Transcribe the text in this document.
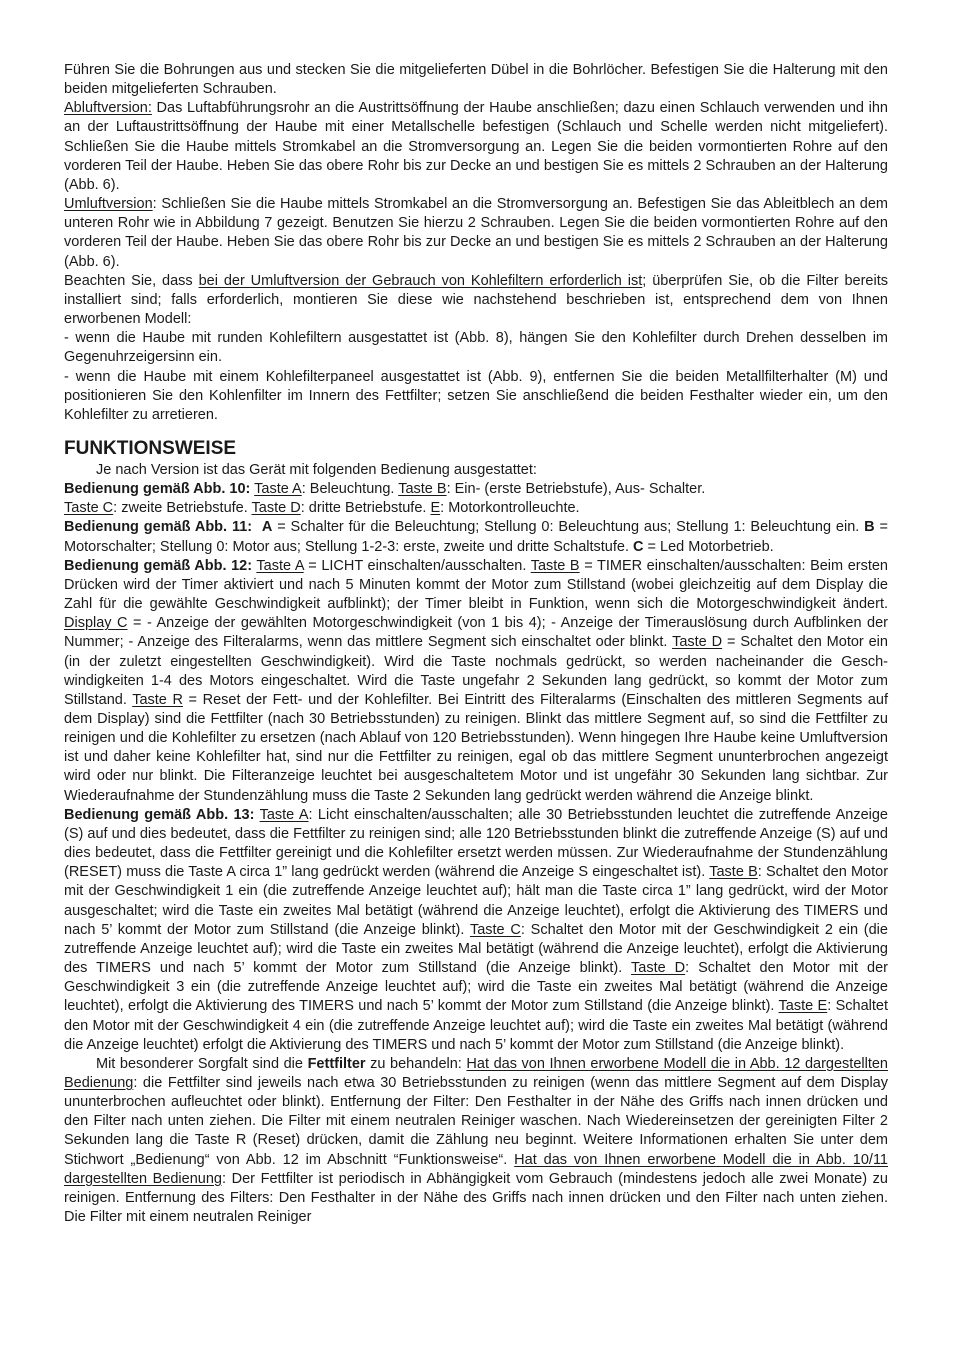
Führen Sie die Bohrungen aus und stecken Sie die mitgelieferten Dübel in die Bohrlöcher. Befestigen Sie die Halterung mit den beiden mitgelieferten Schrauben.

Abluftversion: Das Luftabführungsrohr an die Austrittsöffnung der Haube anschließen; dazu einen Schlauch verwenden und ihn an der Luftaustrittsöffnung der Haube mit einer Metallschelle befestigen (Schlauch und Schelle werden nicht mitgeliefert). Schließen Sie die Haube mittels Stromkabel an die Stromversorgung an. Legen Sie die beiden vormontierten Rohre auf den vorderen Teil der Haube. Heben Sie das obere Rohr bis zur Decke an und bestigen Sie es mittels 2 Schrauben an der Halterung (Abb. 6).

Umluftversion: Schließen Sie die Haube mittels Stromkabel an die Stromversorgung an. Befestigen Sie das Ableitblech an dem unteren Rohr wie in Abbildung 7 gezeigt. Benutzen Sie hierzu 2 Schrauben. Legen Sie die beiden vormontierten Rohre auf den vorderen Teil der Haube. Heben Sie das obere Rohr bis zur Decke an und bestigen Sie es mittels 2 Schrauben an der Halterung (Abb. 6).

Beachten Sie, dass bei der Umluftversion der Gebrauch von Kohlefiltern erforderlich ist; überprüfen Sie, ob die Filter bereits installiert sind; falls erforderlich, montieren Sie diese wie nachstehend beschrieben ist, entsprechend dem von Ihnen erworbenen Modell:

- wenn die Haube mit runden Kohlefiltern ausgestattet ist (Abb. 8), hängen Sie den Kohlefilter durch Drehen desselben im Gegenuhrzeigersinn ein.

- wenn die Haube mit einem Kohlefilterpaneel ausgestattet ist (Abb. 9), entfernen Sie die beiden Metallfilterhalter (M) und positionieren Sie den Kohlenfilter im Innern des Fettfilter; setzen Sie anschließend die beiden Festhalter wieder ein, um den Kohlefilter zu arretieren.

FUNKTIONSWEISE

Je nach Version ist das Gerät mit folgenden Bedienung ausgestattet:

Bedienung gemäß Abb. 10: Taste A: Beleuchtung. Taste B: Ein- (erste Betriebstufe), Aus- Schalter.
Taste C: zweite Betriebstufe. Taste D: dritte Betriebstufe. E: Motorkontrolleuchte.

Bedienung gemäß Abb. 11: A = Schalter für die Beleuchtung; Stellung 0: Beleuchtung aus; Stellung 1: Beleuchtung ein. B = Motorschalter; Stellung 0: Motor aus; Stellung 1-2-3: erste, zweite und dritte Schaltstufe. C = Led Motorbetrieb.

Bedienung gemäß Abb. 12: Taste A = LICHT einschalten/ausschalten. Taste B = TIMER einschalten/ausschalten: Beim ersten Drücken wird der Timer aktiviert und nach 5 Minuten kommt der Motor zum Stillstand (wobei gleichzeitig auf dem Display die Zahl für die gewählte Geschwindigkeit aufblinkt); der Timer bleibt in Funktion, wenn sich die Motorgeschwindigkeit ändert. Display C = - Anzeige der gewählten Motorgeschwindigkeit (von 1 bis 4); - Anzeige der Timerauslösung durch Aufblinken der Nummer; - Anzeige des Filteralarms, wenn das mittlere Segment sich einschaltet oder blinkt. Taste D = Schaltet den Motor ein (in der zuletzt eingestellten Geschwindigkeit). Wird die Taste nochmals gedrückt, so werden nacheinander die Gesch-windigkeiten 1-4 des Motors eingeschaltet. Wird die Taste ungefahr 2 Sekunden lang gedrückt, so kommt der Motor zum Stillstand. Taste R = Reset der Fett- und der Kohlefilter. Bei Eintritt des Filteralarms (Einschalten des mittleren Segments auf dem Display) sind die Fettfilter (nach 30 Betriebsstunden) zu reinigen. Blinkt das mittlere Segment auf, so sind die Fettfilter zu reinigen und die Kohlefilter zu ersetzen (nach Ablauf von 120 Betriebsstunden). Wenn hingegen Ihre Haube keine Umluftversion ist und daher keine Kohlefilter hat, sind nur die Fettfilter zu reinigen, egal ob das mittlere Segment ununterbrochen angezeigt wird oder nur blinkt. Die Filteranzeige leuchtet bei ausgeschaltetem Motor und ist ungefähr 30 Sekunden lang sichtbar. Zur Wiederaufnahme der Stundenzählung muss die Taste 2 Sekunden lang gedrückt werden während die Anzeige blinkt.

Bedienung gemäß Abb. 13: Taste A: Licht einschalten/ausschalten; alle 30 Betriebsstunden leuchtet die zutreffende Anzeige (S) auf und dies bedeutet, dass die Fettfilter zu reinigen sind; alle 120 Betriebsstunden blinkt die zutreffende Anzeige (S) auf und dies bedeutet, dass die Fettfilter gereinigt und die Kohlefilter ersetzt werden müssen. Zur Wiederaufnahme der Stundenzählung (RESET) muss die Taste A circa 1” lang gedrückt werden (während die Anzeige S eingeschaltet ist). Taste B: Schaltet den Motor mit der Geschwindigkeit 1 ein (die zutreffende Anzeige leuchtet auf); hält man die Taste circa 1” lang gedrückt, wird der Motor ausgeschaltet; wird die Taste ein zweites Mal betätigt (während die Anzeige leuchtet), erfolgt die Aktivierung des TIMERS und nach 5’ kommt der Motor zum Stillstand (die Anzeige blinkt). Taste C: Schaltet den Motor mit der Geschwindigkeit 2 ein (die zutreffende Anzeige leuchtet auf); wird die Taste ein zweites Mal betätigt (während die Anzeige leuchtet), erfolgt die Aktivierung des TIMERS und nach 5’ kommt der Motor zum Stillstand (die Anzeige blinkt). Taste D: Schaltet den Motor mit der Geschwindigkeit 3 ein (die zutreffende Anzeige leuchtet auf); wird die Taste ein zweites Mal betätigt (während die Anzeige leuchtet), erfolgt die Aktivierung des TIMERS und nach 5’ kommt der Motor zum Stillstand (die Anzeige blinkt). Taste E: Schaltet den Motor mit der Geschwindigkeit 4 ein (die zutreffende Anzeige leuchtet auf); wird die Taste ein zweites Mal betätigt (während die Anzeige leuchtet) erfolgt die Aktivierung des TIMERS und nach 5’ kommt der Motor zum Stillstand (die Anzeige blinkt).

Mit besonderer Sorgfalt sind die Fettfilter zu behandeln: Hat das von Ihnen erworbene Modell die in Abb. 12 dargestellten Bedienung: die Fettfilter sind jeweils nach etwa 30 Betriebsstunden zu reinigen (wenn das mittlere Segment auf dem Display ununterbrochen aufleuchtet oder blinkt). Entfernung der Filter: Den Festhalter in der Nähe des Griffs nach innen drücken und den Filter nach unten ziehen. Die Filter mit einem neutralen Reiniger waschen. Nach Wiedereinsetzen der gereinigten Filter 2 Sekunden lang die Taste R (Reset) drücken, damit die Zählung neu beginnt. Weitere Informationen erhalten Sie unter dem Stichwort „Bedienung“ von Abb. 12 im Abschnitt “Funktionsweise“. Hat das von Ihnen erworbene Modell die in Abb. 10/11 dargestellten Bedienung: Der Fettfilter ist periodisch in Abhängigkeit vom Gebrauch (mindestens jedoch alle zwei Monate) zu reinigen. Entfernung des Filters: Den Festhalter in der Nähe des Griffs nach innen drücken und den Filter nach unten ziehen. Die Filter mit einem neutralen Reiniger
